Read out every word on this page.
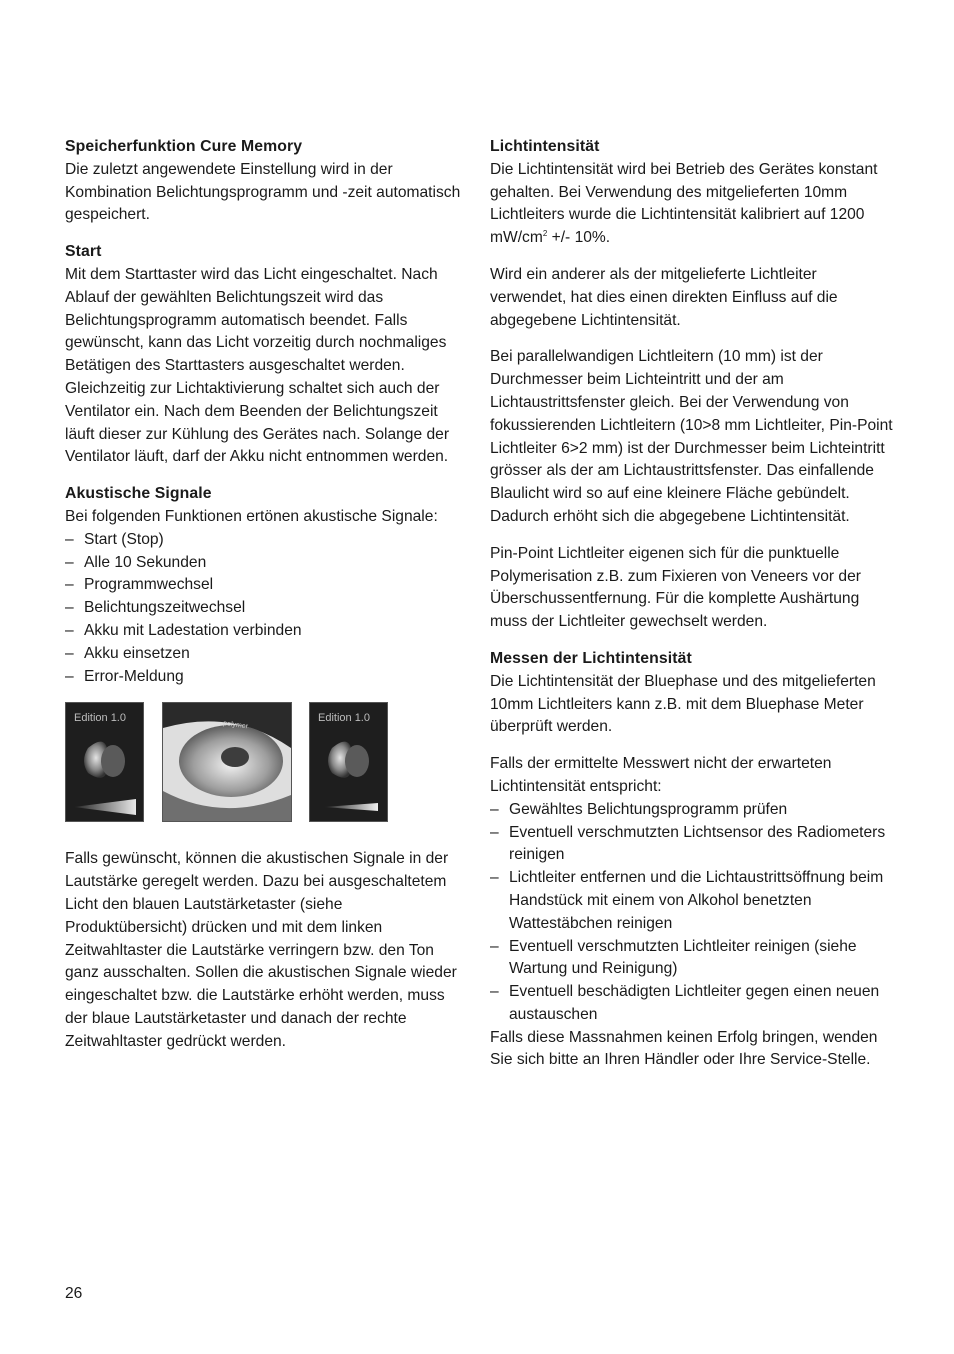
Speicherfunktion Cure Memory

Die zuletzt angewendete Einstellung wird in der Kombination Belichtungsprogramm und -zeit automatisch gespeichert.

Start

Mit dem Starttaster wird das Licht eingeschaltet. Nach Ablauf der gewählten Belichtungszeit wird das Belichtungsprogramm automatisch beendet. Falls gewünscht, kann das Licht vorzeitig durch nochmaliges Betätigen des Starttasters ausgeschaltet werden. Gleichzeitig zur Lichtaktivierung schaltet sich auch der Ventilator ein. Nach dem Beenden der Belichtungszeit läuft dieser zur Kühlung des Gerätes nach. Solange der Ventilator läuft, darf der Akku nicht entnommen werden.

Akustische Signale

Bei folgenden Funktionen ertönen akustische Signale:

– Start (Stop)
– Alle 10 Sekunden
– Programmwechsel
– Belichtungszeitwechsel
– Akku mit Ladestation verbinden
– Akku einsetzen
– Error-Meldung
Edition 1.0
polymer
Edition 1.0

Falls gewünscht, können die akustischen Signale in der Lautstärke geregelt werden. Dazu bei ausgeschaltetem Licht den blauen Lautstärketaster (siehe Produktübersicht) drücken und mit dem linken Zeitwahltaster die Lautstärke verringern bzw. den Ton ganz ausschalten. Sollen die akustischen Signale wieder eingeschaltet bzw. die Lautstärke erhöht werden, muss der blaue Lautstärketaster und danach der rechte Zeitwahltaster gedrückt werden.

Lichtintensität

Die Lichtintensität wird bei Betrieb des Gerätes konstant gehalten. Bei Verwendung des mitgelieferten 10mm Lichtleiters wurde die Lichtintensität kalibriert auf 1200 $mW/cm^2$ +/- 10%.

Wird ein anderer als der mitgelieferte Lichtleiter verwendet, hat dies einen direkten Einfluss auf die abgegebene Lichtintensität.

Bei parallelwandigen Lichtleitern (10 mm) ist der Durchmesser beim Lichteintritt und der am Lichtaustrittsfenster gleich. Bei der Verwendung von fokussierenden Lichtleitern (10>8 mm Lichtleiter, Pin-Point Lichtleiter 6>2 mm) ist der Durchmesser beim Lichteintritt grösser als der am Lichtaustrittsfenster. Das einfallende Blaulicht wird so auf eine kleinere Fläche gebündelt. Dadurch erhöht sich die abgegebene Lichtintensität.

Pin-Point Lichtleiter eigenen sich für die punktuelle Polymerisation z.B. zum Fixieren von Veneers vor der Überschussentfernung. Für die komplette Aushärtung muss der Lichtleiter gewechselt werden.

Messen der Lichtintensität

Die Lichtintensität der Bluephase und des mitgelieferten 10mm Lichtleiters kann z.B. mit dem Bluephase Meter überprüft werden.

Falls der ermittelte Messwert nicht der erwarteten Lichtintensität entspricht:

– Gewähltes Belichtungsprogramm prüfen
– Eventuell verschmutzten Lichtsensor des Radiometers reinigen
– Lichtleiter entfernen und die Lichtaustrittsöffnung beim Handstück mit einem von Alkohol benetzten Wattestäbchen reinigen
– Eventuell verschmutzten Lichtleiter reinigen (siehe Wartung und Reinigung)
– Eventuell beschädigten Lichtleiter gegen einen neuen austauschen

Falls diese Massnahmen keinen Erfolg bringen, wenden Sie sich bitte an Ihren Händler oder Ihre Service-Stelle.

26
